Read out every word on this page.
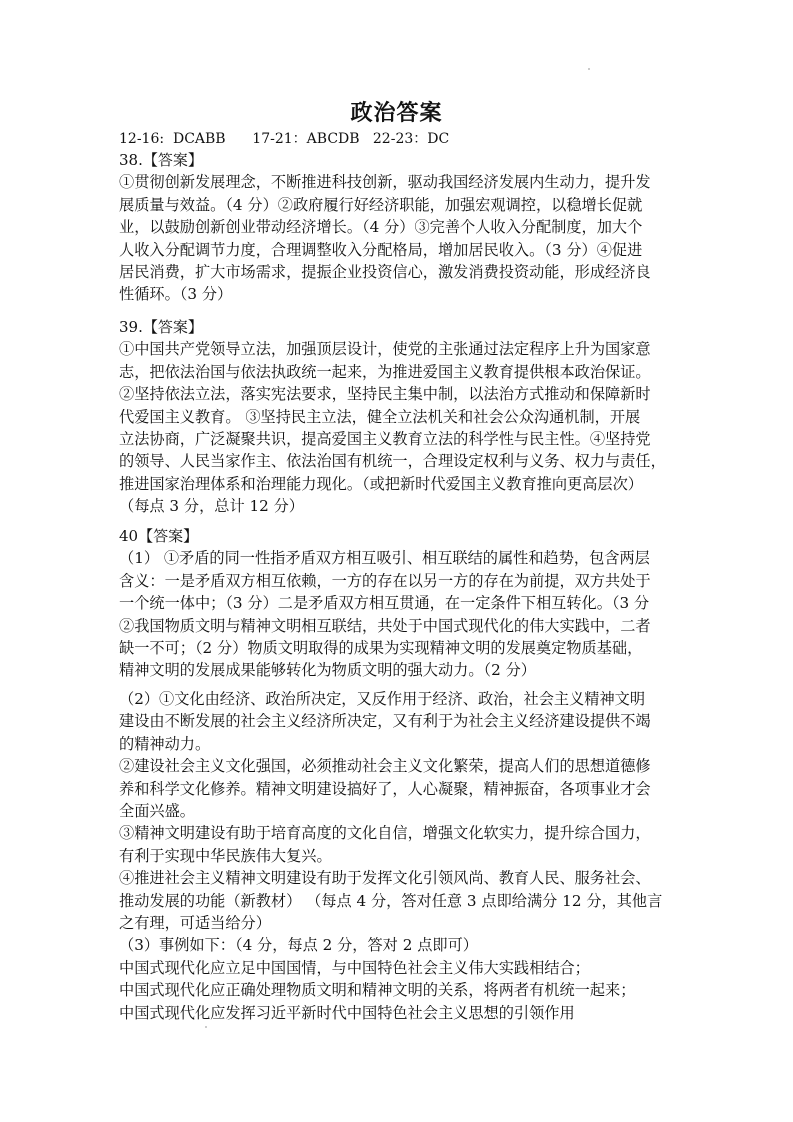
政治答案
12-16:  DCABB      17-21：ABCDB   22-23：DC

38.【答案】

①贯彻创新发展理念，不断推进科技创新，驱动我国经济发展内生动力，提升发

展质量与效益。（4 分）②政府履行好经济职能，加强宏观调控，以稳增长促就

业，以鼓励创新创业带动经济增长。（4 分）③完善个人收入分配制度，加大个

人收入分配调节力度，合理调整收入分配格局，增加居民收入。（3 分）④促进

居民消费，扩大市场需求，提振企业投资信心，激发消费投资动能，形成经济良

性循环。（3 分）

39.【答案】

①中国共产党领导立法，加强顶层设计，使党的主张通过法定程序上升为国家意

志，把依法治国与依法执政统一起来，为推进爱国主义教育提供根本政治保证。

②坚持依法立法，落实宪法要求，坚持民主集中制，以法治方式推动和保障新时

代爱国主义教育。 ③坚持民主立法，健全立法机关和社会公众沟通机制，开展

立法协商，广泛凝聚共识，提高爱国主义教育立法的科学性与民主性。④坚持党

的领导、人民当家作主、依法治国有机统一，合理设定权利与义务、权力与责任，

推进国家治理体系和治理能力现化。（或把新时代爱国主义教育推向更高层次）

（每点 3 分，总计 12 分）

40【答案】

（1） ①矛盾的同一性指矛盾双方相互吸引、相互联结的属性和趋势，包含两层

含义：一是矛盾双方相互依赖，一方的存在以另一方的存在为前提，双方共处于

一个统一体中；（3 分）二是矛盾双方相互贯通，在一定条件下相互转化。（3 分

②我国物质文明与精神文明相互联结，共处于中国式现代化的伟大实践中，二者

缺一不可；（2 分）物质文明取得的成果为实现精神文明的发展奠定物质基础，

精神文明的发展成果能够转化为物质文明的强大动力。（2 分）

（2）①文化由经济、政治所决定，又反作用于经济、政治，社会主义精神文明

建设由不断发展的社会主义经济所决定，又有利于为社会主义经济建设提供不竭

的精神动力。

②建设社会主义文化强国，必须推动社会主义文化繁荣，提高人们的思想道德修

养和科学文化修养。精神文明建设搞好了，人心凝聚，精神振奋，各项事业才会

全面兴盛。

③精神文明建设有助于培育高度的文化自信，增强文化软实力，提升综合国力，

有利于实现中华民族伟大复兴。

④推进社会主义精神文明建设有助于发挥文化引领风尚、教育人民、服务社会、

推动发展的功能（新教材） （每点 4 分，答对任意 3 点即给满分 12 分，其他言

之有理，可适当给分）

（3）事例如下：（4 分，每点 2 分，答对 2 点即可）

中国式现代化应立足中国国情，与中国特色社会主义伟大实践相结合；

中国式现代化应正确处理物质文明和精神文明的关系，将两者有机统一起来；

中国式现代化应发挥习近平新时代中国特色社会主义思想的引领作用
